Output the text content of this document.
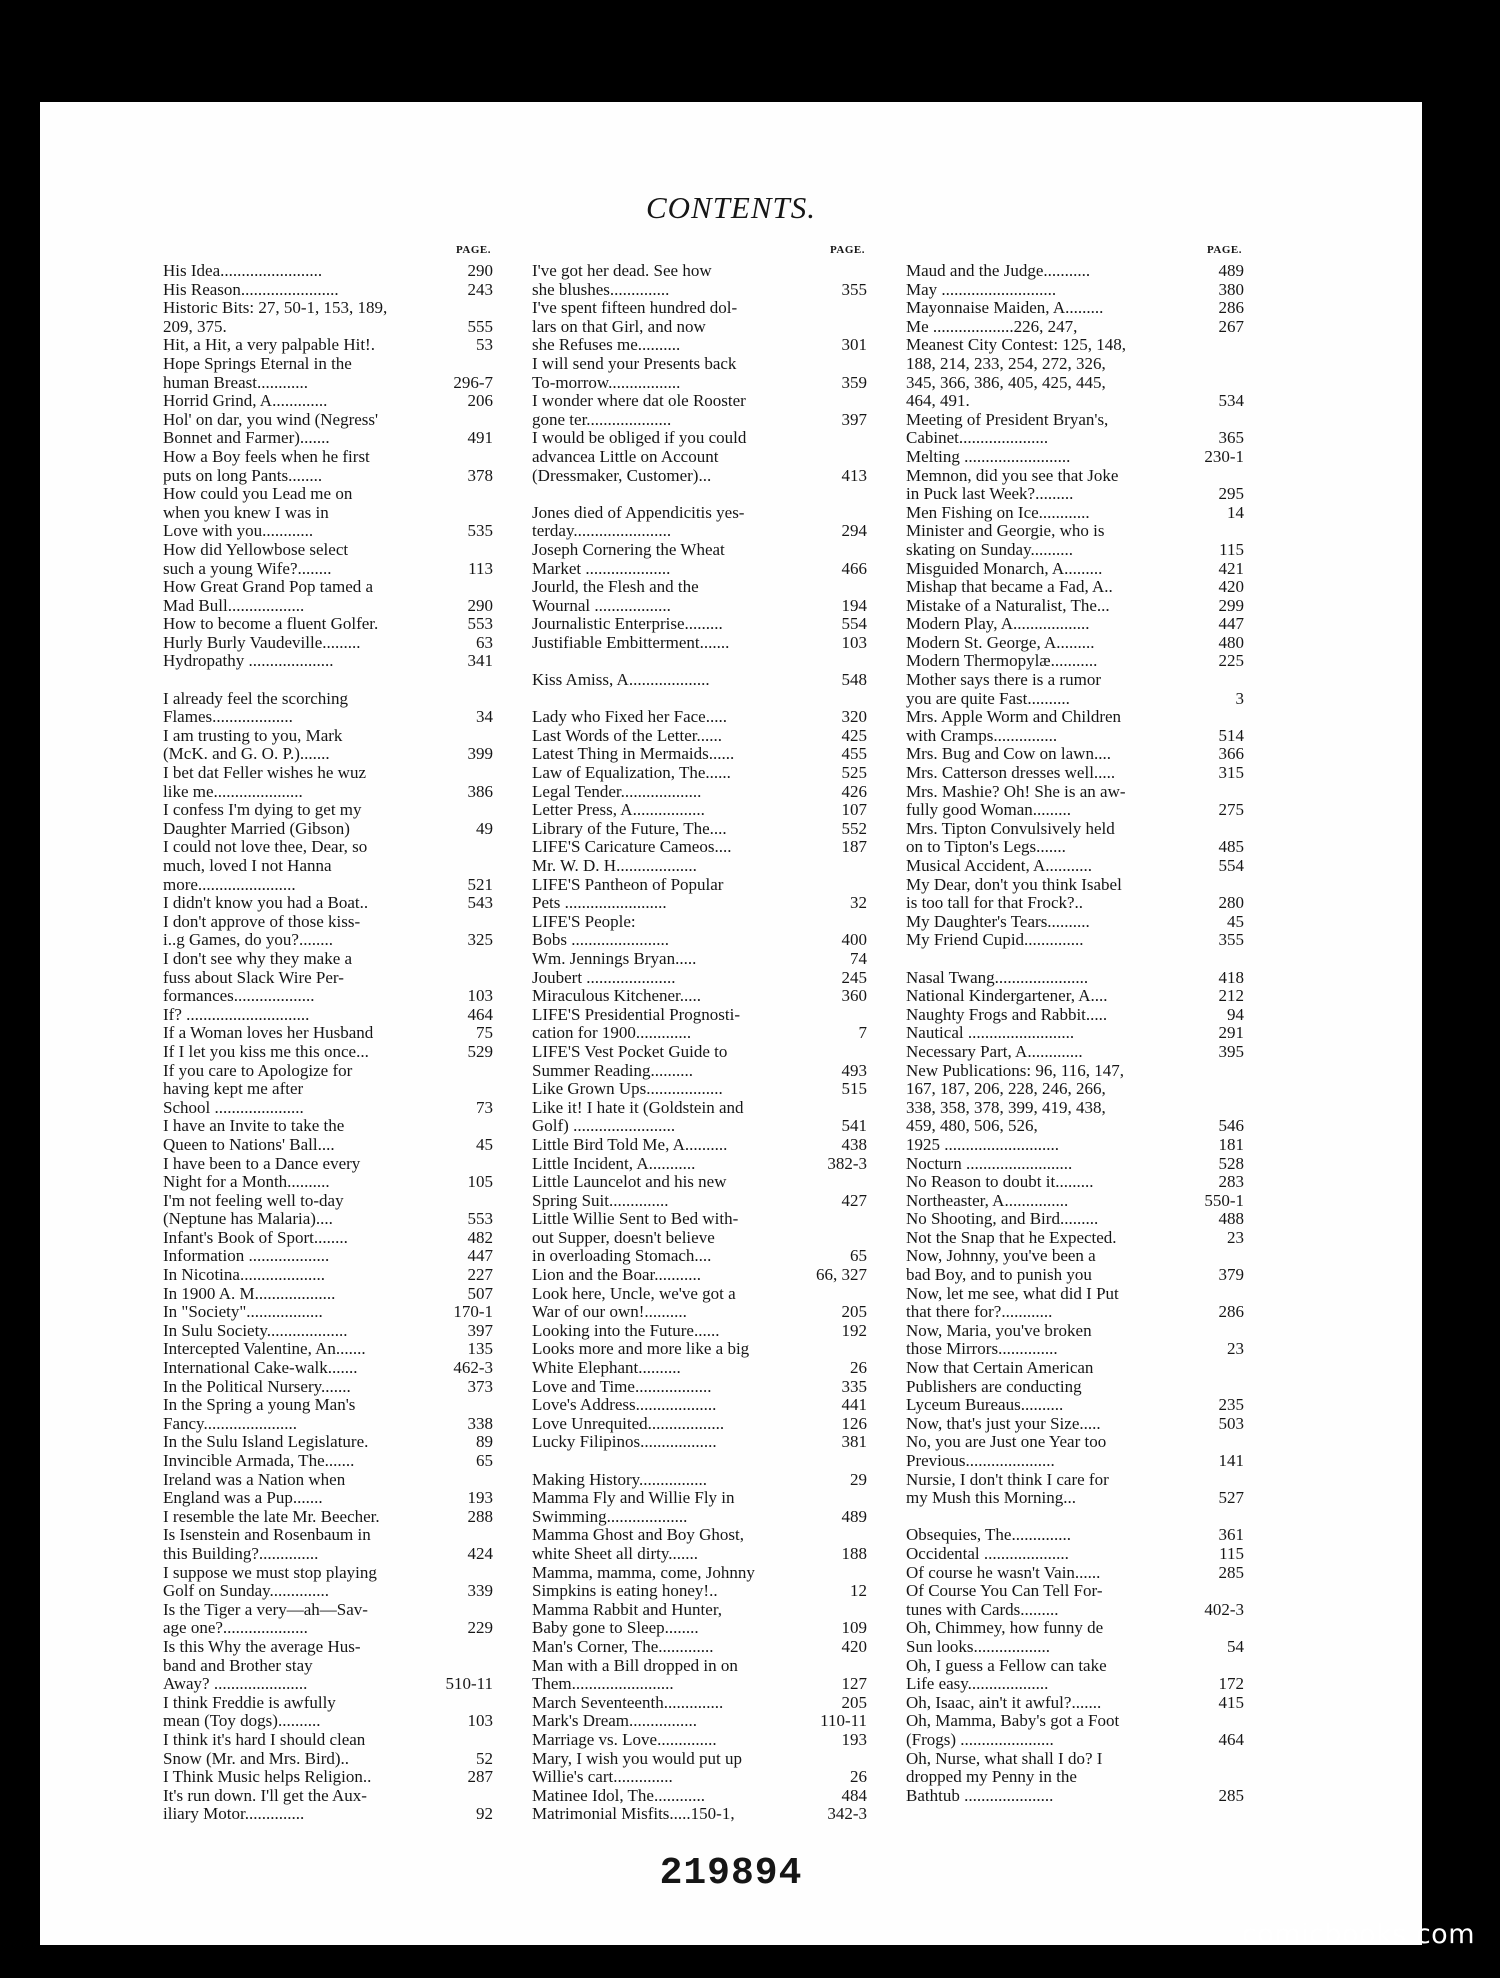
CONTENTS.
PAGE.
His Idea........................	290
His Reason.......................	243
Historic Bits: 27, 50-1, 153, 189,
209, 375.	555
Hit, a Hit, a very palpable Hit!.	53
Hope Springs Eternal in the
human Breast............	296-7
Horrid Grind, A.............	206
Hol' on dar, you wind (Negress'
Bonnet and Farmer).......	491
How a Boy feels when he first
puts on long Pants........	378
How could you Lead me on
when you knew I was in
Love with you............	535
How did Yellowbose select
such a young Wife?........	113
How Great Grand Pop tamed a
Mad Bull..................	290
How to become a fluent Golfer.	553
Hurly Burly Vaudeville.........	63
Hydropathy ....................	341
I already feel the scorching
Flames...................	34
I am trusting to you, Mark
(McK. and G. O. P.).......	399
I bet dat Feller wishes he wuz
like me.....................	386
I confess I'm dying to get my
Daughter Married (Gibson)	49
I could not love thee, Dear, so
much, loved I not Hanna
more.......................	521
I didn't know you had a Boat..	543
I don't approve of those kiss-
i..g Games, do you?........	325
I don't see why they make a
fuss about Slack Wire Per-
formances...................	103
If? .............................	464
If a Woman loves her Husband	75
If I let you kiss me this once...	529
If you care to Apologize for
having kept me after
School .....................	73
I have an Invite to take the
Queen to Nations' Ball....	45
I have been to a Dance every
Night for a Month..........	105
I'm not feeling well to-day
(Neptune has Malaria)....	553
Infant's Book of Sport........	482
Information ...................	447
In Nicotina....................	227
In 1900 A. M...................	507
In "Society"..................	170-1
In Sulu Society...................	397
Intercepted Valentine, An.......	135
International Cake-walk.......	462-3
In the Political Nursery.......	373
In the Spring a young Man's
Fancy......................	338
In the Sulu Island Legislature.	89
Invincible Armada, The.......	65
Ireland was a Nation when
England was a Pup.......	193
I resemble the late Mr. Beecher.	288
Is Isenstein and Rosenbaum in
this Building?..............	424
I suppose we must stop playing
Golf on Sunday..............	339
Is the Tiger a very—ah—Sav-
age one?....................	229
Is this Why the average Hus-
band and Brother stay
Away? ......................	510-11
I think Freddie is awfully
mean (Toy dogs)..........	103
I think it's hard I should clean
Snow (Mr. and Mrs. Bird)..	52
I Think Music helps Religion..	287
It's run down. I'll get the Aux-
iliary Motor..............	92
PAGE.
I've got her dead. See how
she blushes..............	355
I've spent fifteen hundred dol-
lars on that Girl, and now
she Refuses me..........	301
I will send your Presents back
To-morrow.................	359
I wonder where dat ole Rooster
gone ter....................	397
I would be obliged if you could
advancea Little on Account
(Dressmaker, Customer)...	413
Jones died of Appendicitis yes-
terday.......................	294
Joseph Cornering the Wheat
Market ....................	466
Jourld, the Flesh and the
Wournal ..................	194
Journalistic Enterprise.........	554
Justifiable Embitterment.......	103
Kiss Amiss, A...................	548
Lady who Fixed her Face.....	320
Last Words of the Letter......	425
Latest Thing in Mermaids......	455
Law of Equalization, The......	525
Legal Tender...................	426
Letter Press, A.................	107
Library of the Future, The....	552
LIFE'S Caricature Cameos....	187
Mr. W. D. H...................
LIFE'S Pantheon of Popular
Pets ........................	32
LIFE'S People:
Bobs .......................	400
Wm. Jennings Bryan.....	74
Joubert .....................	245
Miraculous Kitchener.....	360
LIFE'S Presidential Prognosti-
cation for 1900.............	7
LIFE'S Vest Pocket Guide to
Summer Reading..........	493
Like Grown Ups..................	515
Like it! I hate it (Goldstein and
Golf) ........................	541
Little Bird Told Me, A..........	438
Little Incident, A...........	382-3
Little Launcelot and his new
Spring Suit..............	427
Little Willie Sent to Bed with-
out Supper, doesn't believe
in overloading Stomach....	65
Lion and the Boar...........	66, 327
Look here, Uncle, we've got a
War of our own!..........	205
Looking into the Future......	192
Looks more and more like a big
White Elephant..........	26
Love and Time..................	335
Love's Address...................	441
Love Unrequited..................	126
Lucky Filipinos..................	381
Making History................	29
Mamma Fly and Willie Fly in
Swimming...................	489
Mamma Ghost and Boy Ghost,
white Sheet all dirty.......	188
Mamma, mamma, come, Johnny
Simpkins is eating honey!..	12
Mamma Rabbit and Hunter,
Baby gone to Sleep........	109
Man's Corner, The.............	420
Man with a Bill dropped in on
Them........................	127
March Seventeenth..............	205
Mark's Dream................	110-11
Marriage vs. Love..............	193
Mary, I wish you would put up
Willie's cart..............	26
Matinee Idol, The............	484
Matrimonial Misfits.....150-1,	342-3
PAGE.
Maud and the Judge...........	489
May ...........................	380
Mayonnaise Maiden, A.........	286
Me ...................226, 247,	267
Meanest City Contest: 125, 148,
188, 214, 233, 254, 272, 326,
345, 366, 386, 405, 425, 445,
464, 491.	534
Meeting of President Bryan's,
Cabinet.....................	365
Melting .........................	230-1
Memnon, did you see that Joke
in Puck last Week?.........	295
Men Fishing on Ice............	14
Minister and Georgie, who is
skating on Sunday..........	115
Misguided Monarch, A.........	421
Mishap that became a Fad, A..	420
Mistake of a Naturalist, The...	299
Modern Play, A..................	447
Modern St. George, A.........	480
Modern Thermopylæ...........	225
Mother says there is a rumor
you are quite Fast..........	3
Mrs. Apple Worm and Children
with Cramps...............	514
Mrs. Bug and Cow on lawn....	366
Mrs. Catterson dresses well.....	315
Mrs. Mashie? Oh! She is an aw-
fully good Woman.........	275
Mrs. Tipton Convulsively held
on to Tipton's Legs.......	485
Musical Accident, A...........	554
My Dear, don't you think Isabel
is too tall for that Frock?..	280
My Daughter's Tears..........	45
My Friend Cupid..............	355
Nasal Twang......................	418
National Kindergartener, A....	212
Naughty Frogs and Rabbit.....	94
Nautical .........................	291
Necessary Part, A.............	395
New Publications: 96, 116, 147,
167, 187, 206, 228, 246, 266,
338, 358, 378, 399, 419, 438,
459, 480, 506, 526,	546
1925 ...........................	181
Nocturn .........................	528
No Reason to doubt it.........	283
Northeaster, A...............	550-1
No Shooting, and Bird.........	488
Not the Snap that he Expected.	23
Now, Johnny, you've been a
bad Boy, and to punish you	379
Now, let me see, what did I Put
that there for?............	286
Now, Maria, you've broken
those Mirrors..............	23
Now that Certain American
Publishers are conducting
Lyceum Bureaus..........	235
Now, that's just your Size.....	503
No, you are Just one Year too
Previous.....................	141
Nursie, I don't think I care for
my Mush this Morning...	527
Obsequies, The..............	361
Occidental ....................	115
Of course he wasn't Vain......	285
Of Course You Can Tell For-
tunes with Cards.........	402-3
Oh, Chimmey, how funny de
Sun looks..................	54
Oh, I guess a Fellow can take
Life easy...................	172
Oh, Isaac, ain't it awful?.......	415
Oh, Mamma, Baby's got a Foot
(Frogs) ......................	464
Oh, Nurse, what shall I do? I
dropped my Penny in the
Bathtub .....................	285
219894
comicbooks.com
